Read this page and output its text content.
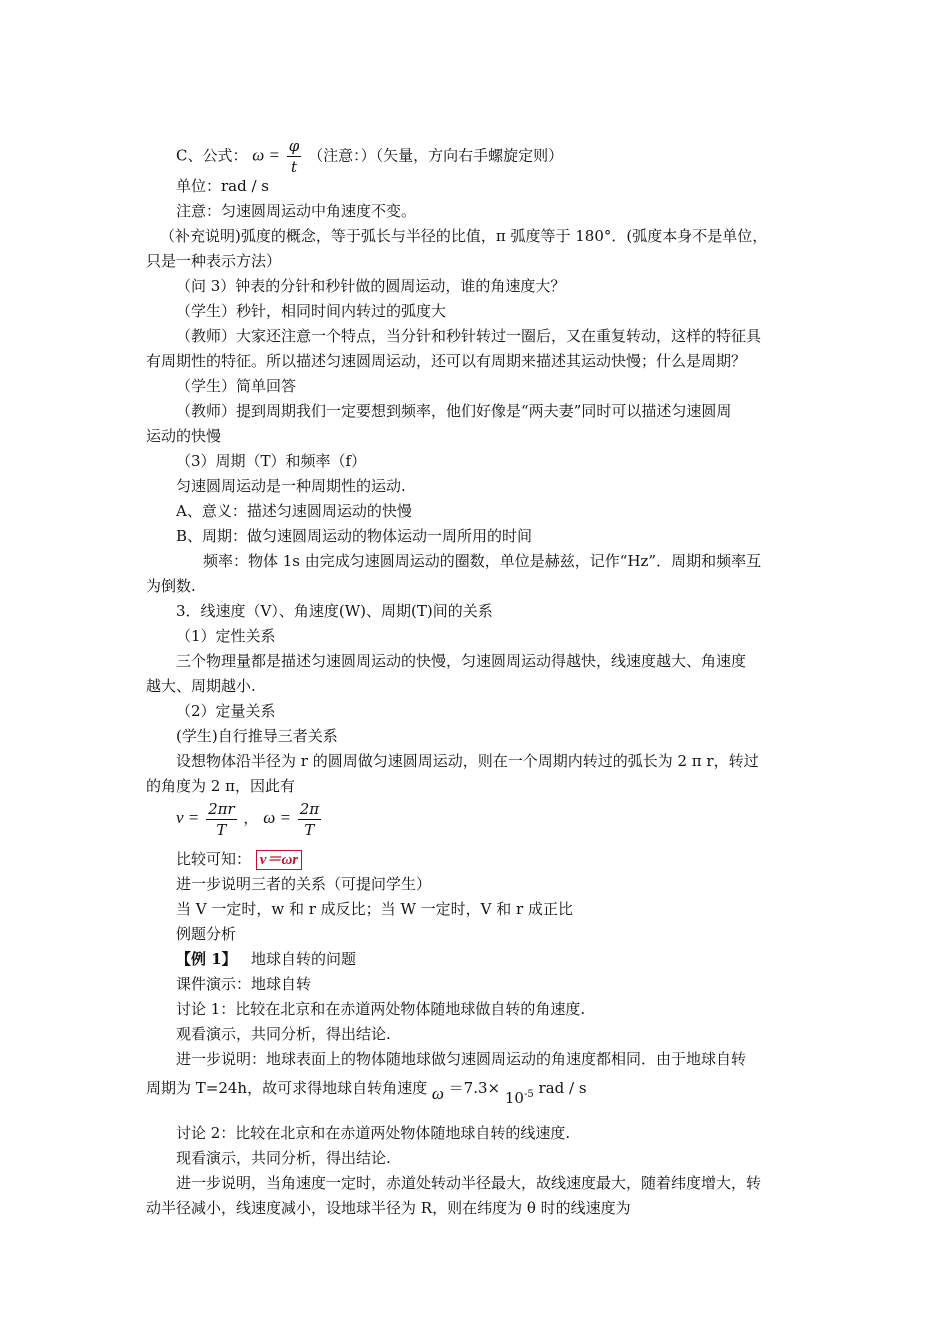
C、公式： $\omega = \frac{\varphi}{t}$ （注意：）（矢量，方向右手螺旋定则）
单位：rad / s
注意：匀速圆周运动中角速度不变。
（补充说明)弧度的概念，等于弧长与半径的比值，π 弧度等于 180°．(弧度本身不是单位，
只是一种表示方法）
（问 3）钟表的分针和秒针做的圆周运动，谁的角速度大？
（学生）秒针，相同时间内转过的弧度大
（教师）大家还注意一个特点，当分针和秒针转过一圈后，又在重复转动，这样的特征具
有周期性的特征。所以描述匀速圆周运动，还可以有周期来描述其运动快慢；什么是周期？
（学生）简单回答
（教师）提到周期我们一定要想到频率，他们好像是“两夫妻”同时可以描述匀速圆周
运动的快慢
（3）周期（T）和频率（f）
匀速圆周运动是一种周期性的运动.
A、意义：描述匀速圆周运动的快慢
B、周期：做匀速圆周运动的物体运动一周所用的时间
频率：物体 1s 由完成匀速圆周运动的圈数，单位是赫兹，记作“Hz”．周期和频率互
为倒数.
3．线速度（V）、角速度(W)、周期(T)间的关系
（1）定性关系
三个物理量都是描述匀速圆周运动的快慢，匀速圆周运动得越快，线速度越大、角速度
越大、周期越小.
（2）定量关系
(学生)自行推导三者关系
设想物体沿半径为 r 的圆周做匀速圆周运动，则在一个周期内转过的弧长为 2 π r，转过
的角度为 2 π，因此有
$v = \frac{2\pi r}{T}$ ， $\omega = \frac{2\pi}{T}$
比较可知： v＝ωr
进一步说明三者的关系（可提问学生）
当 V 一定时，w 和 r 成反比；当 W 一定时，V 和 r 成正比
例题分析
【例 1】 地球自转的问题
课件演示：地球自转
讨论 1：比较在北京和在赤道两处物体随地球做自转的角速度.
观看演示，共同分析，得出结论.
进一步说明：地球表面上的物体随地球做匀速圆周运动的角速度都相同．由于地球自转
周期为 T=24h，故可求得地球自转角速度 $\omega =7.3\times 10^{-5}$ rad / s
讨论 2：比较在北京和在赤道两处物体随地球自转的线速度.
现看演示，共同分析，得出结论.
进一步说明，当角速度一定时，赤道处转动半径最大，故线速度最大，随着纬度增大，转
动半径减小，线速度减小，设地球半径为 R，则在纬度为 θ 时的线速度为
